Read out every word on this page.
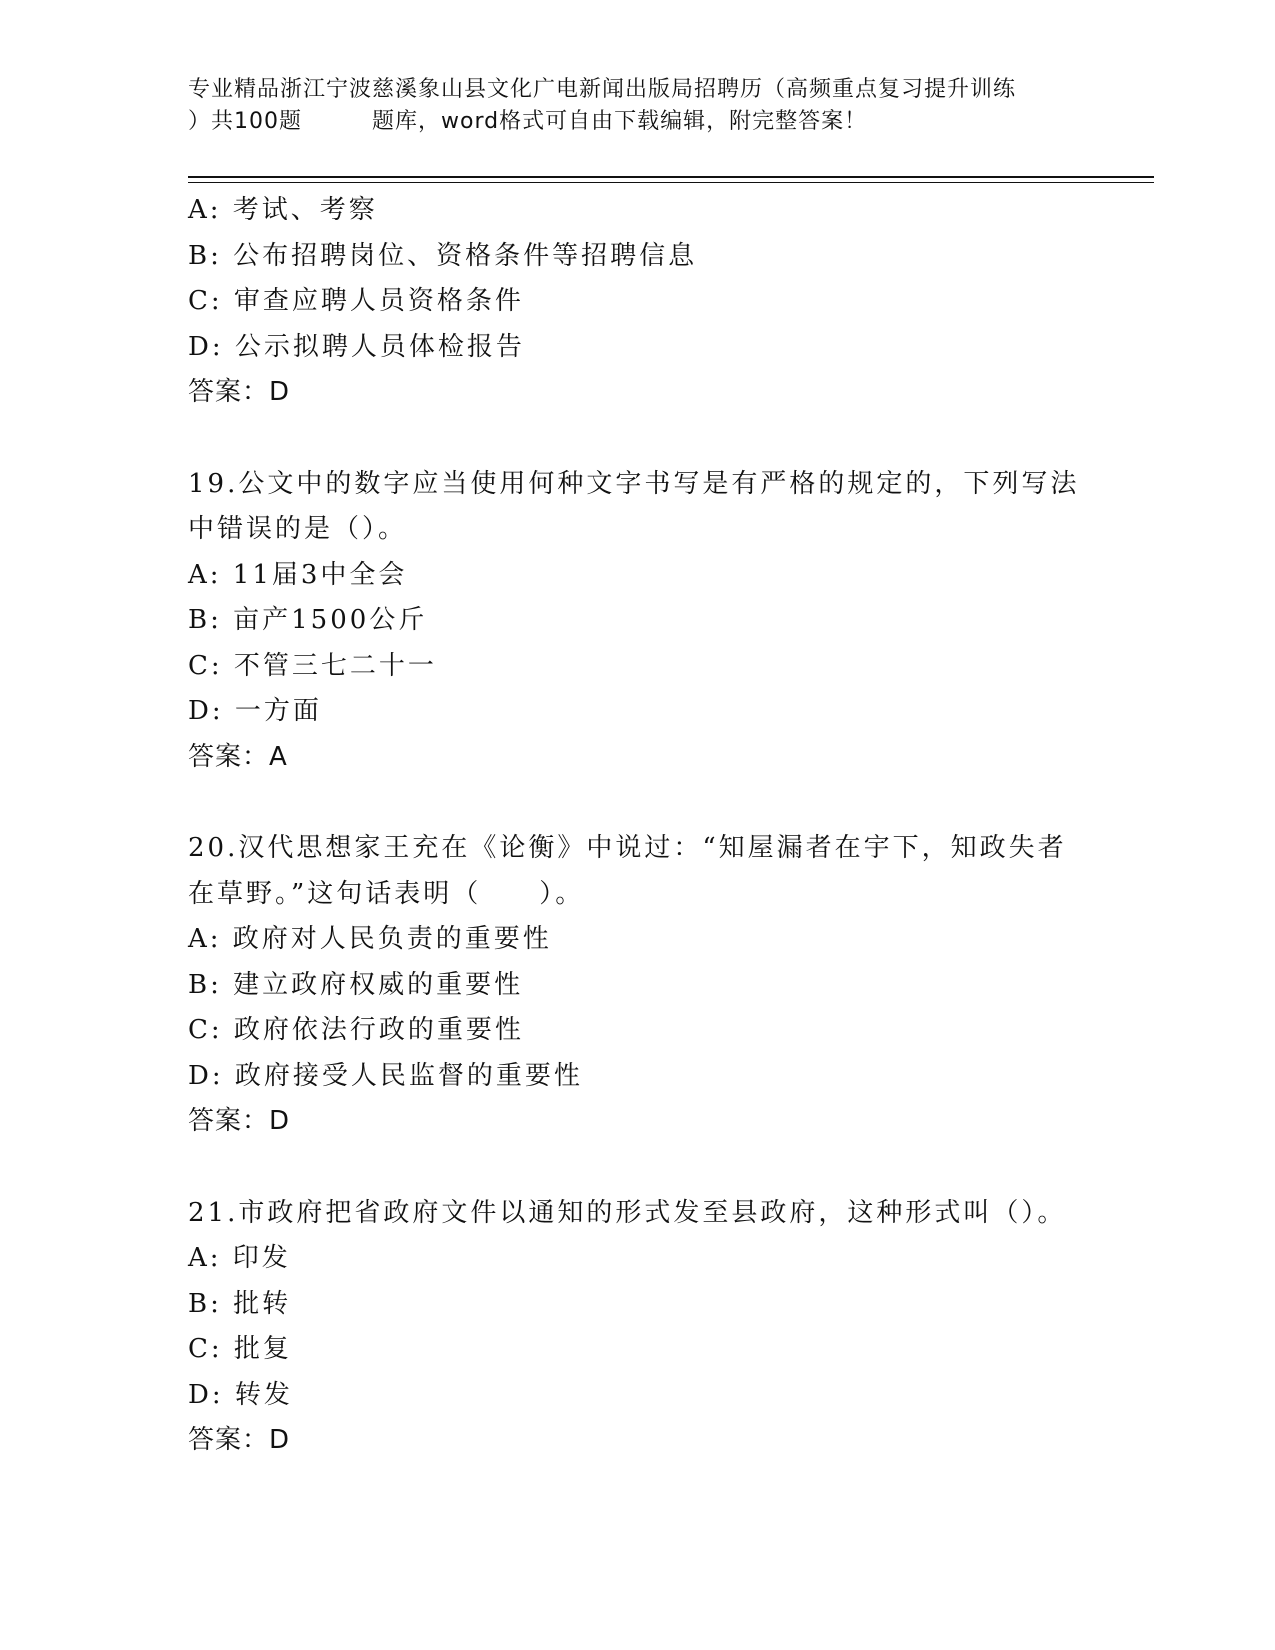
专业精品浙江宁波慈溪象山县文化广电新闻出版局招聘历（高频重点复习提升训练
）共100题	题库，word格式可自由下载编辑，附完整答案！
A: 考试、考察
B: 公布招聘岗位、资格条件等招聘信息
C: 审查应聘人员资格条件
D: 公示拟聘人员体检报告
答案：D
19.公文中的数字应当使用何种文字书写是有严格的规定的，下列写法
中错误的是（）。
A: 11届3中全会
B: 亩产1500公斤
C: 不管三七二十一
D: 一方面
答案：A
20.汉代思想家王充在《论衡》中说过：“知屋漏者在宇下，知政失者
在草野。”这句话表明（　　）。
A: 政府对人民负责的重要性
B: 建立政府权威的重要性
C: 政府依法行政的重要性
D: 政府接受人民监督的重要性
答案：D
21.市政府把省政府文件以通知的形式发至县政府，这种形式叫（）。
A: 印发
B: 批转
C: 批复
D: 转发
答案：D
